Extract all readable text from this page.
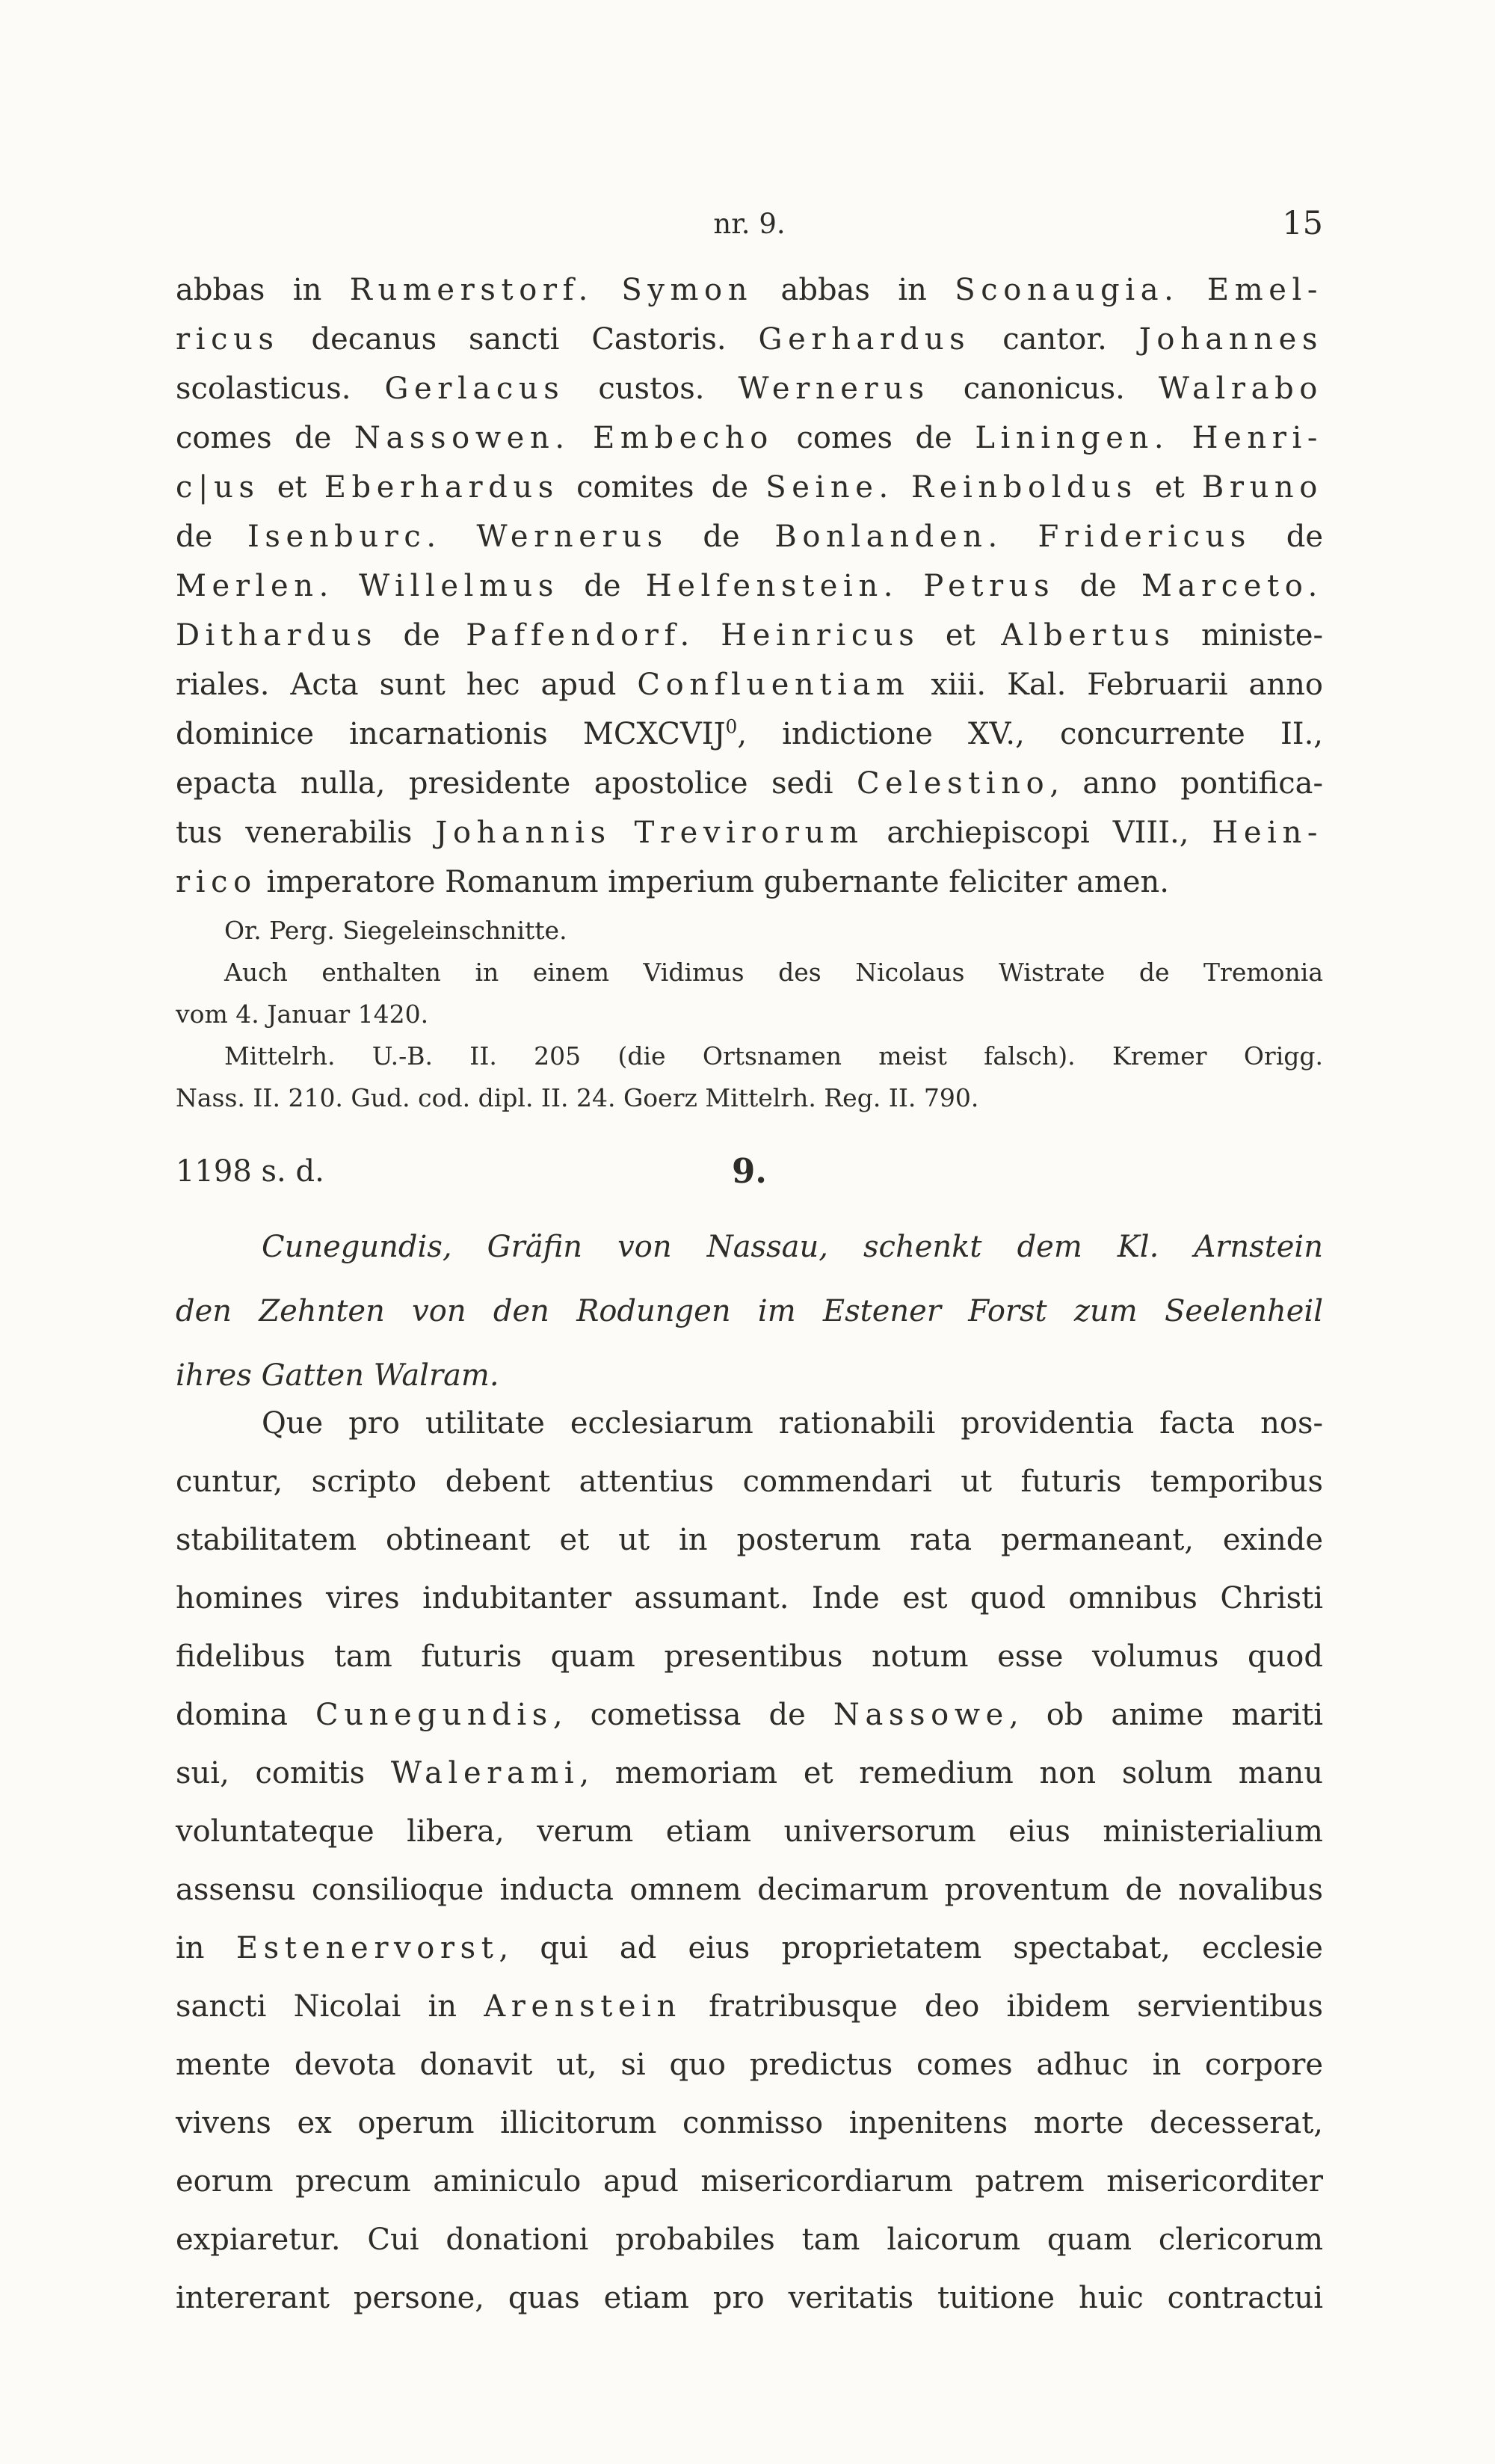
nr. 9.	15
abbas in Rumerstorf. Symon abbas in Sconaugia. Emel-
ricus decanus sancti Castoris. Gerhardus cantor. Johannes
scolasticus. Gerlacus custos. Wernerus canonicus. Walrabo
comes de Nassowen. Embecho comes de Liningen. Henri-
c|us et Eberhardus comites de Seine. Reinboldus et Bruno
de Isenburc. Wernerus de Bonlanden. Fridericus de
Merlen. Willelmus de Helfenstein. Petrus de Marceto.
Dithardus de Paffendorf. Heinricus et Albertus ministe-
riales. Acta sunt hec apud Confluentiam xiii. Kal. Februarii anno
dominice incarnationis MCXCVIJ$^0$, indictione XV., concurrente II.,
epacta nulla, presidente apostolice sedi Celestino, anno pontifica-
tus venerabilis Johannis Trevirorum archiepiscopi VIII., Hein-
rico imperatore Romanum imperium gubernante feliciter amen.
Or. Perg. Siegeleinschnitte.
Auch enthalten in einem Vidimus des Nicolaus Wistrate de Tremonia
vom 4. Januar 1420.
Mittelrh. U.-B. II. 205 (die Ortsnamen meist falsch). Kremer Origg.
Nass. II. 210. Gud. cod. dipl. II. 24. Goerz Mittelrh. Reg. II. 790.
1198 s. d.	9.
Cunegundis, Gräfin von Nassau, schenkt dem Kl. Arnstein
den Zehnten von den Rodungen im Estener Forst zum Seelenheil
ihres Gatten Walram.
Que pro utilitate ecclesiarum rationabili providentia facta nos-
cuntur, scripto debent attentius commendari ut futuris temporibus
stabilitatem obtineant et ut in posterum rata permaneant, exinde
homines vires indubitanter assumant. Inde est quod omnibus Christi
fidelibus tam futuris quam presentibus notum esse volumus quod
domina Cunegundis, cometissa de Nassowe, ob anime mariti
sui, comitis Walerami, memoriam et remedium non solum manu
voluntateque libera, verum etiam universorum eius ministerialium
assensu consilioque inducta omnem decimarum proventum de novalibus
in Estenervorst, qui ad eius proprietatem spectabat, ecclesie
sancti Nicolai in Arenstein fratribusque deo ibidem servientibus
mente devota donavit ut, si quo predictus comes adhuc in corpore
vivens ex operum illicitorum conmisso inpenitens morte decesserat,
eorum precum aminiculo apud misericordiarum patrem misericorditer
expiaretur. Cui donationi probabiles tam laicorum quam clericorum
intererant persone, quas etiam pro veritatis tuitione huic contractui
